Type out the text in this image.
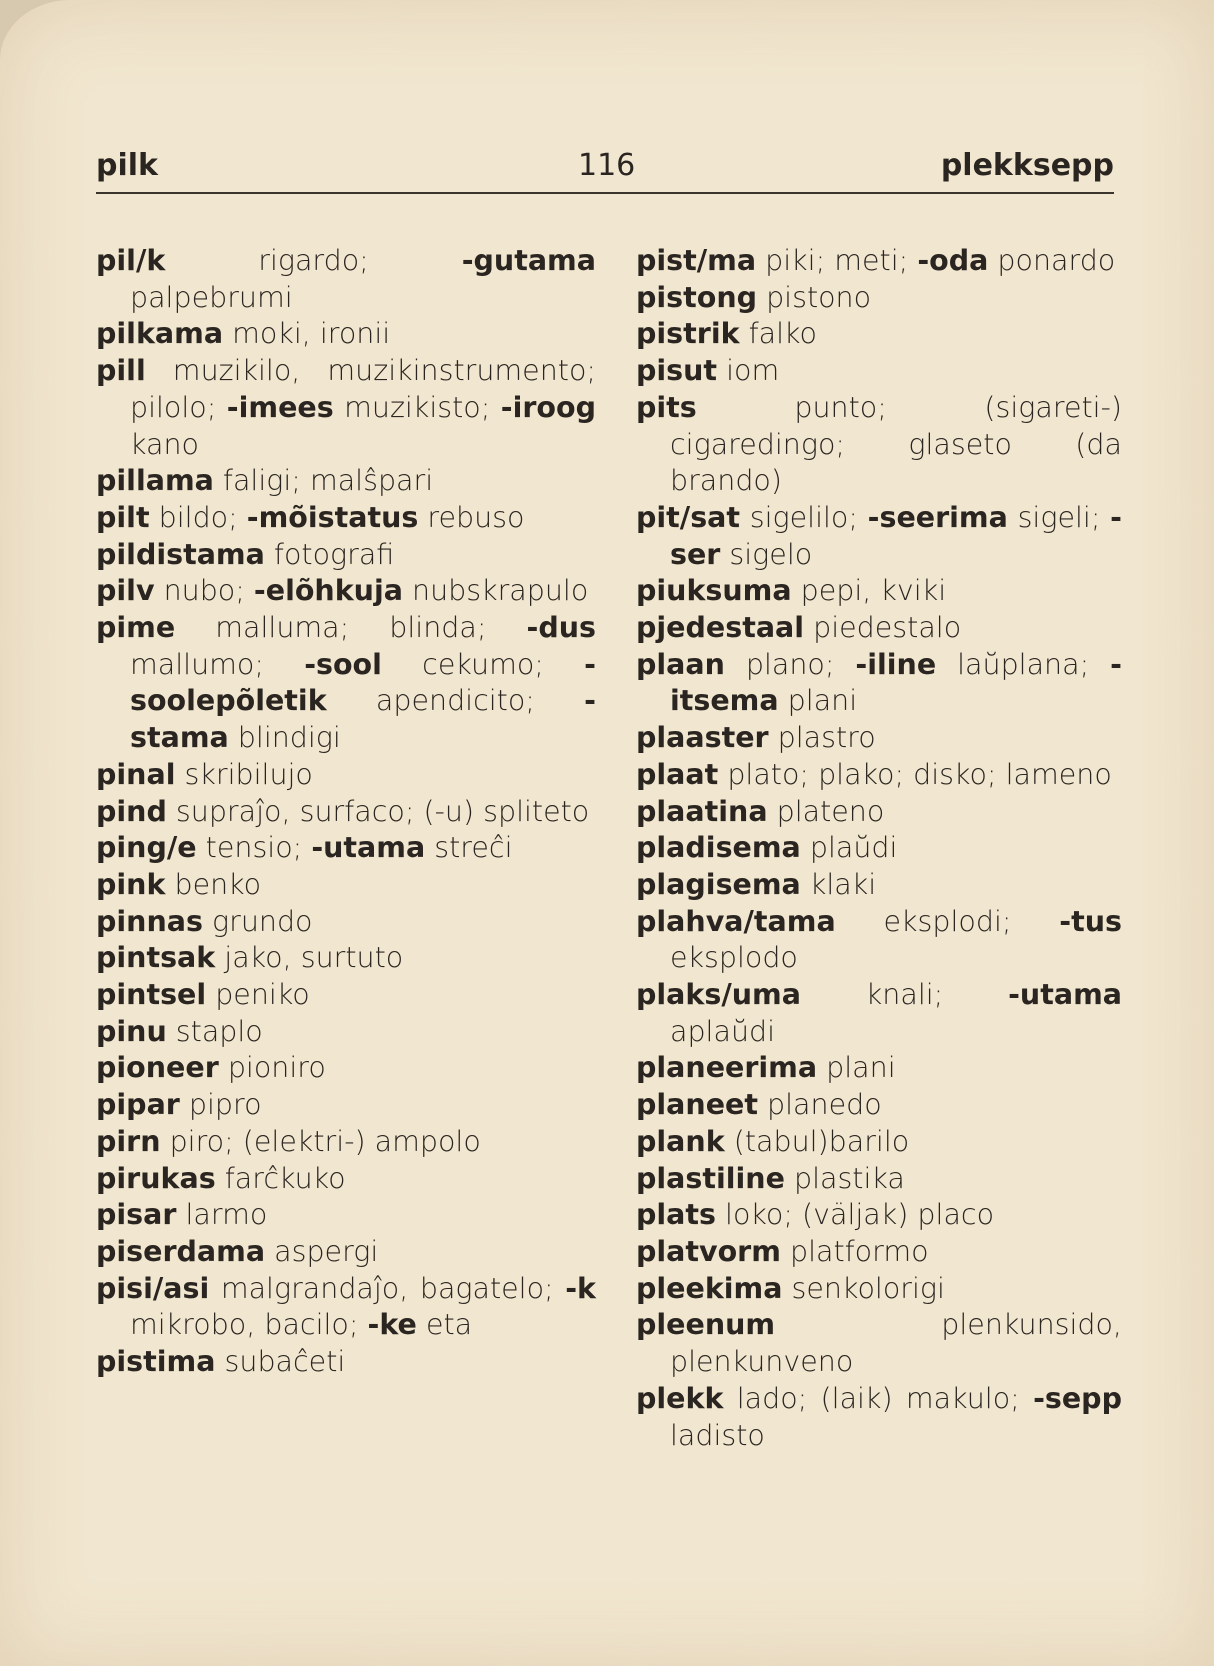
pilk	116	plekksepp

pil/k rigardo; -gutama palpebrumi

pilkama moki, ironii

pill muzikilo, muzikinstrumento; pilolo; -imees muzikisto; -iroog kano

pillama faligi; malŝpari

pilt bildo; -mõistatus rebuso

pildistama fotografi

pilv nubo; -elõhkuja nubskrapulo

pime malluma; blinda; -dus mallumo; -sool cekumo; -soolepõletik apendicito; -stama blindigi

pinal skribilujo

pind supraĵo, surfaco; (-u) spliteto

ping/e tensio; -utama streĉi

pink benko

pinnas grundo

pintsak jako, surtuto

pintsel peniko

pinu staplo

pioneer pioniro

pipar pipro

pirn piro; (elektri-) ampolo

pirukas farĉkuko

pisar larmo

piserdama aspergi

pisi/asi malgrandaĵo, bagatelo; -k mikrobo, bacilo; -ke eta

pistima subaĉeti

pist/ma piki; meti; -oda ponardo

pistong pistono

pistrik falko

pisut iom

pits punto; (sigareti-) cigaredingo; glaseto (da brando)

pit/sat sigelilo; -seerima sigeli; -ser sigelo

piuksuma pepi, kviki

pjedestaal piedestalo

plaan plano; -iline laŭplana; -itsema plani

plaaster plastro

plaat plato; plako; disko; lameno

plaatina plateno

pladisema plaŭdi

plagisema klaki

plahva/tama eksplodi; -tus eksplodo

plaks/uma knali; -utama aplaŭdi

planeerima plani

planeet planedo

plank (tabul)barilo

plastiline plastika

plats loko; (väljak) placo

platvorm platformo

pleekima senkolorigi

pleenum plenkunsido, plenkunveno

plekk lado; (laik) makulo; -sepp ladisto
